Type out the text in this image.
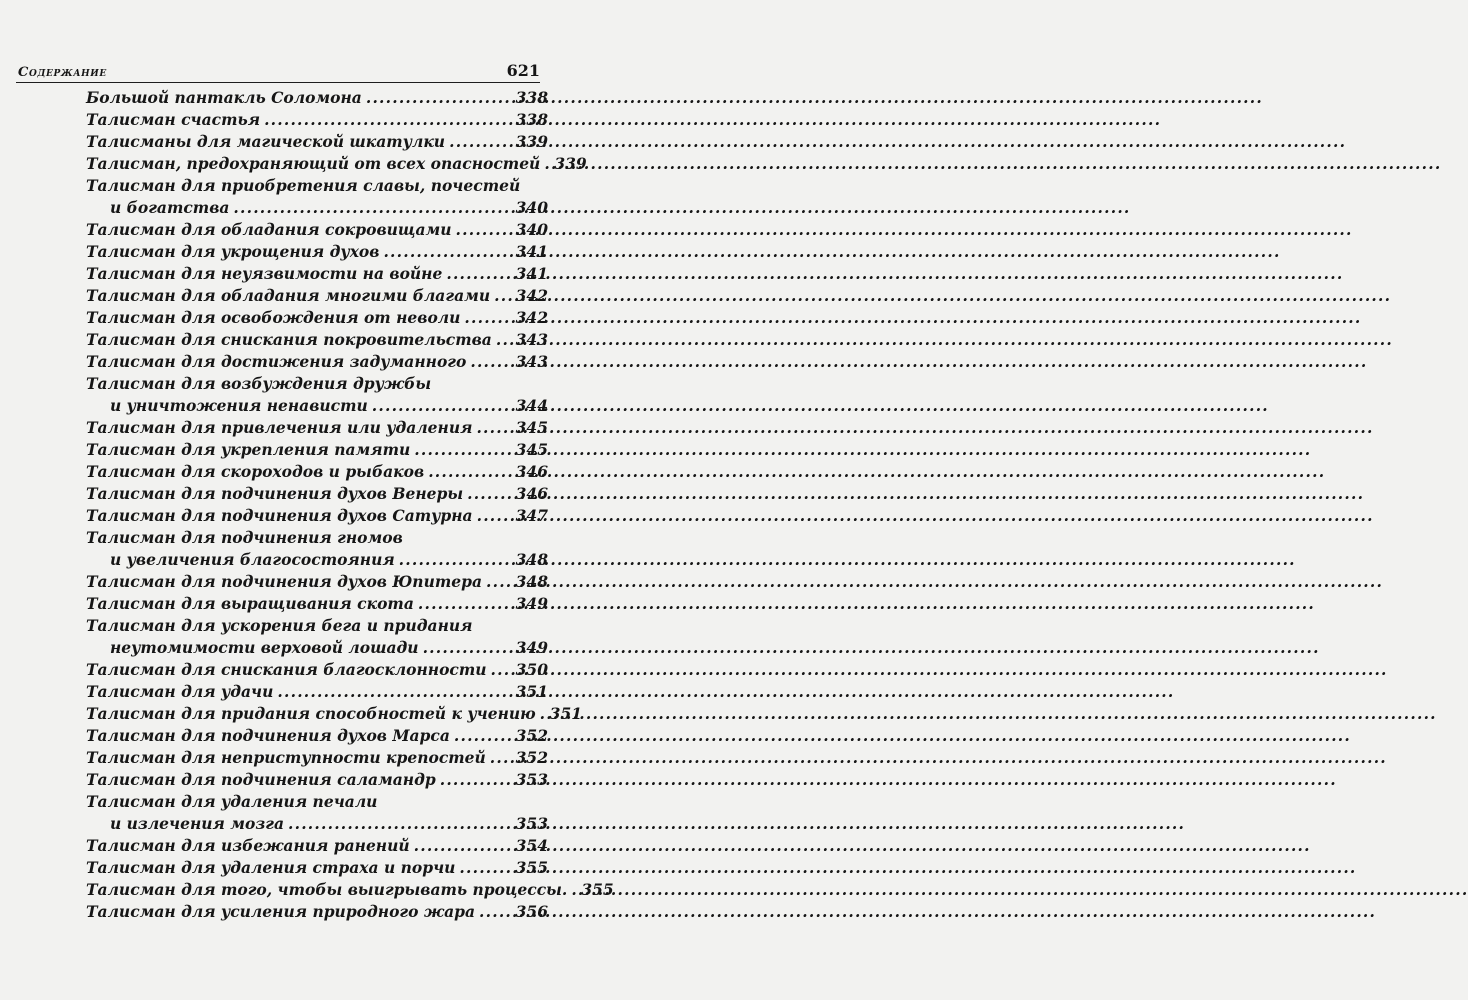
Содержание	621
Большой пантакль Соломона .....	338
Талисман счастья .....	338
Талисманы для магической шкатулки .....	339
Талисман, предохраняющий от всех опасностей ..... 339
Талисман для приобретения славы, почестей
и богатства .....	340
Талисман для обладания сокровищами .....	340
Талисман для укрощения духов .....	341
Талисман для неуязвимости на войне .....	341
Талисман для обладания многими благами ..... 342
Талисман для освобождения от неволи .....	342
Талисман для снискания покровительства ..... 343
Талисман для достижения задуманного .....	343
Талисман для возбуждения дружбы
и уничтожения ненависти .....	344
Талисман для привлечения или удаления .....	345
Талисман для укрепления памяти .....	345
Талисман для скороходов и рыбаков .....	346
Талисман для подчинения духов Венеры .....	346
Талисман для подчинения духов Сатурна .....	347
Талисман для подчинения гномов
и увеличения благосостояния .....	348
Талисман для подчинения духов Юпитера ..... 348
Талисман для выращивания скота .....	349
Талисман для ускорения бега и придания
неутомимости верховой лошади .....	349
Талисман для снискания благосклонности ..... 350
Талисман для удачи .....	351
Талисман для придания способностей к учению ..... 351
Талисман для подчинения духов Марса .....	352
Талисман для неприступности крепостей ..... 352
Талисман для подчинения саламандр .....	353
Талисман для удаления печали
и излечения мозга .....	353
Талисман для избежания ранений .....	354
Талисман для удаления страха и порчи .....	355
Талисман для того, чтобы выигрывать процессы. ..... 355
Талисман для усиления природного жара .....	356
